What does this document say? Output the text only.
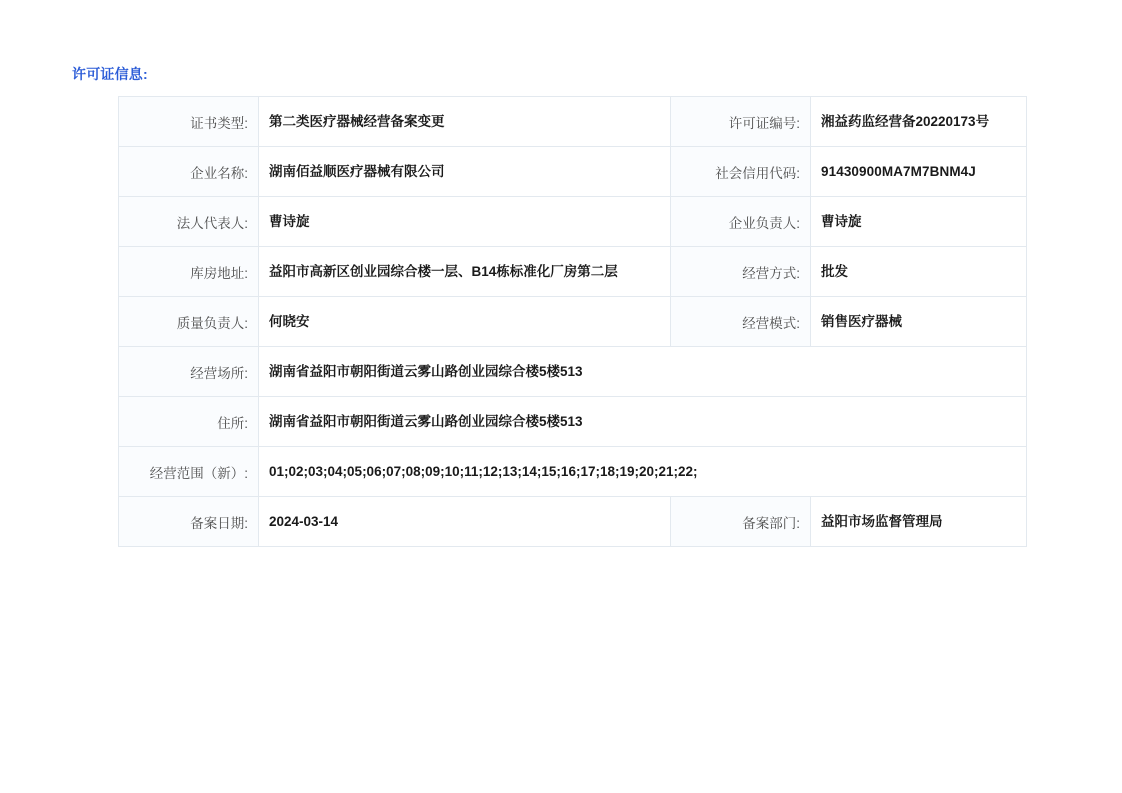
许可证信息:
证书类型:	第二类医疗器械经营备案变更	许可证编号:	湘益药监经营备20220173号
企业名称:	湖南佰益顺医疗器械有限公司	社会信用代码:	91430900MA7M7BNM4J
法人代表人:	曹诗旋	企业负责人:	曹诗旋
库房地址:	益阳市高新区创业园综合楼一层、B14栋标准化厂房第二层	经营方式:	批发
质量负责人:	何晓安	经营模式:	销售医疗器械
经营场所:	湖南省益阳市朝阳街道云雾山路创业园综合楼5楼513		
住所:	湖南省益阳市朝阳街道云雾山路创业园综合楼5楼513		
经营范围（新）:	01;02;03;04;05;06;07;08;09;10;11;12;13;14;15;16;17;18;19;20;21;22;		
备案日期:	2024-03-14	备案部门:	益阳市场监督管理局
